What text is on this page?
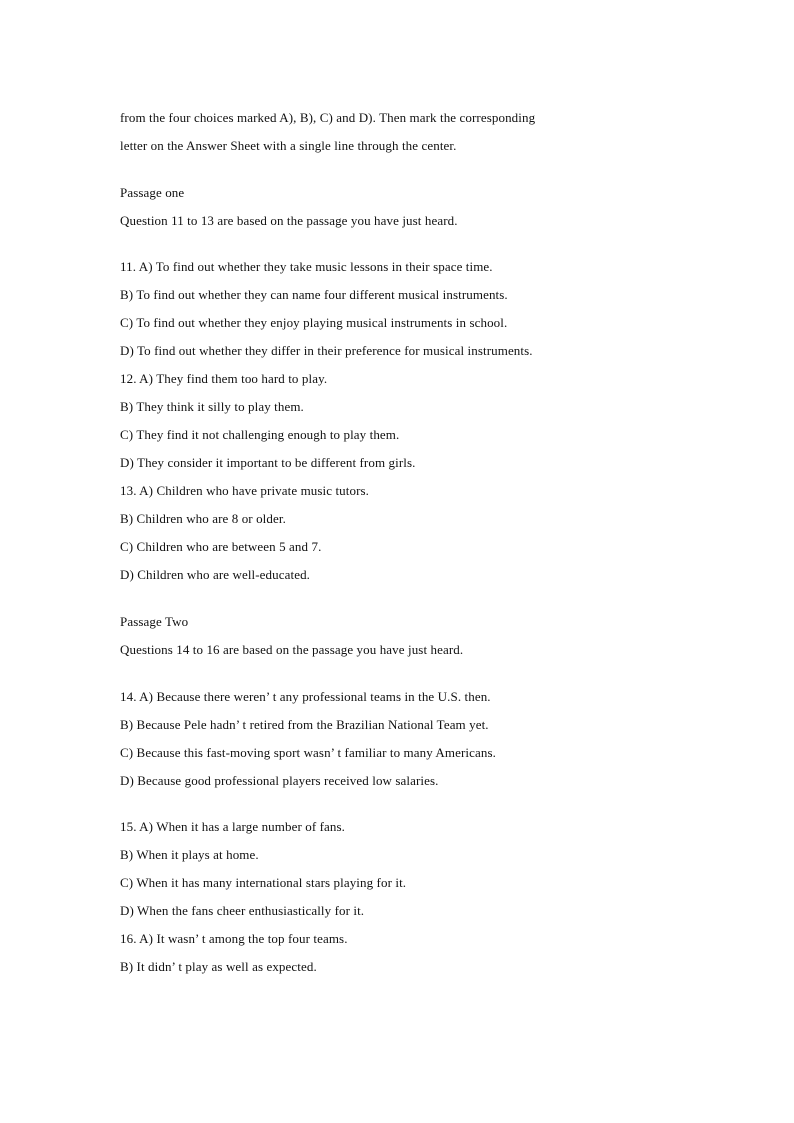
from the four choices marked A), B), C) and D). Then mark the corresponding
letter on the Answer Sheet with a single line through the center.
Passage one
Question 11 to 13 are based on the passage you have just heard.
11. A) To find out whether they take music lessons in their space time.
B) To find out whether they can name four different musical instruments.
C) To find out whether they enjoy playing musical instruments in school.
D) To find out whether they differ in their preference for musical instruments.
12. A) They find them too hard to play.
B) They think it silly to play them.
C) They find it not challenging enough to play them.
D) They consider it important to be different from girls.
13. A) Children who have private music tutors.
B) Children who are 8 or older.
C) Children who are between 5 and 7.
D) Children who are well-educated.
Passage Two
Questions 14 to 16 are based on the passage you have just heard.
14. A) Because there weren’ t any professional teams in the U.S. then.
B) Because Pele hadn’ t retired from the Brazilian National Team yet.
C) Because this fast-moving sport wasn’ t familiar to many Americans.
D) Because good professional players received low salaries.
15. A) When it has a large number of fans.
B) When it plays at home.
C) When it has many international stars playing for it.
D) When the fans cheer enthusiastically for it.
16. A) It wasn’ t among the top four teams.
B) It didn’ t play as well as expected.
